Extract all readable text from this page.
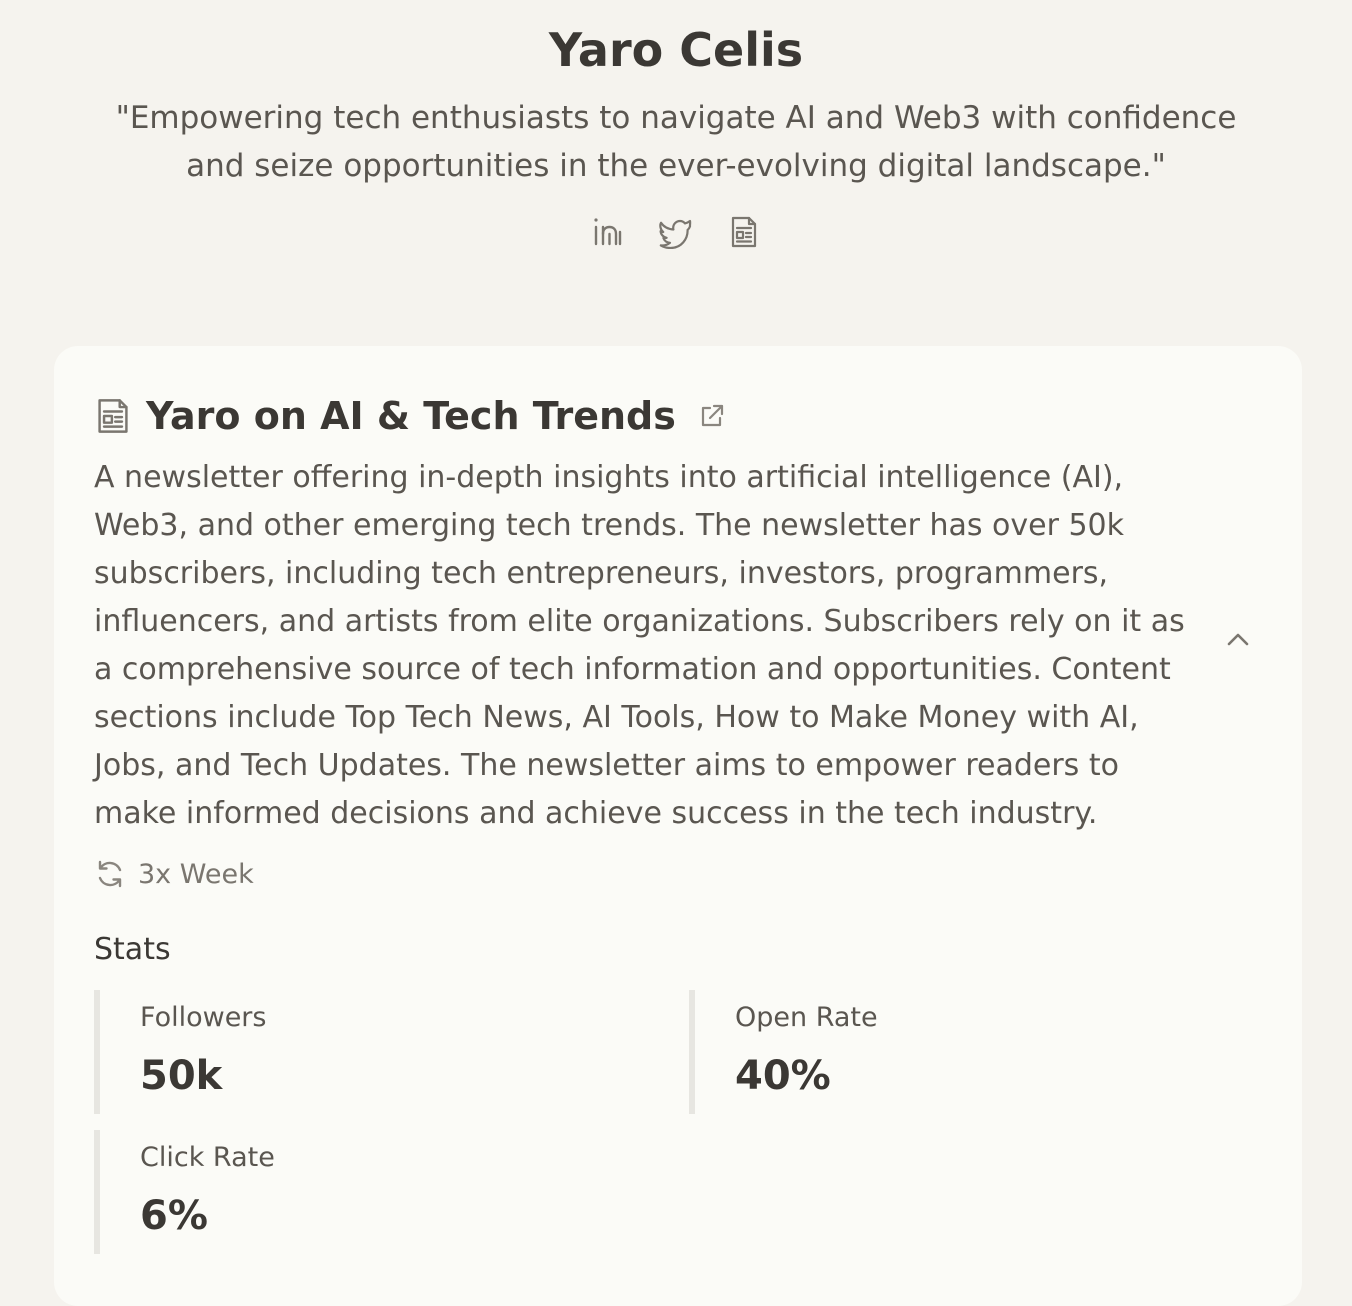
Yaro Celis
"Empowering tech enthusiasts to navigate AI and Web3 with confidence and seize opportunities in the ever-evolving digital landscape."
Yaro on AI & Tech Trends

A newsletter offering in-depth insights into artificial intelligence (AI), Web3, and other emerging tech trends. The newsletter has over 50k subscribers, including tech entrepreneurs, investors, programmers, influencers, and artists from elite organizations. Subscribers rely on it as a comprehensive source of tech information and opportunities. Content sections include Top Tech News, AI Tools, How to Make Money with AI, Jobs, and Tech Updates. The newsletter aims to empower readers to make informed decisions and achieve success in the tech industry.

3x Week
Stats
Followers
50k
Open Rate
40%
Click Rate
6%
